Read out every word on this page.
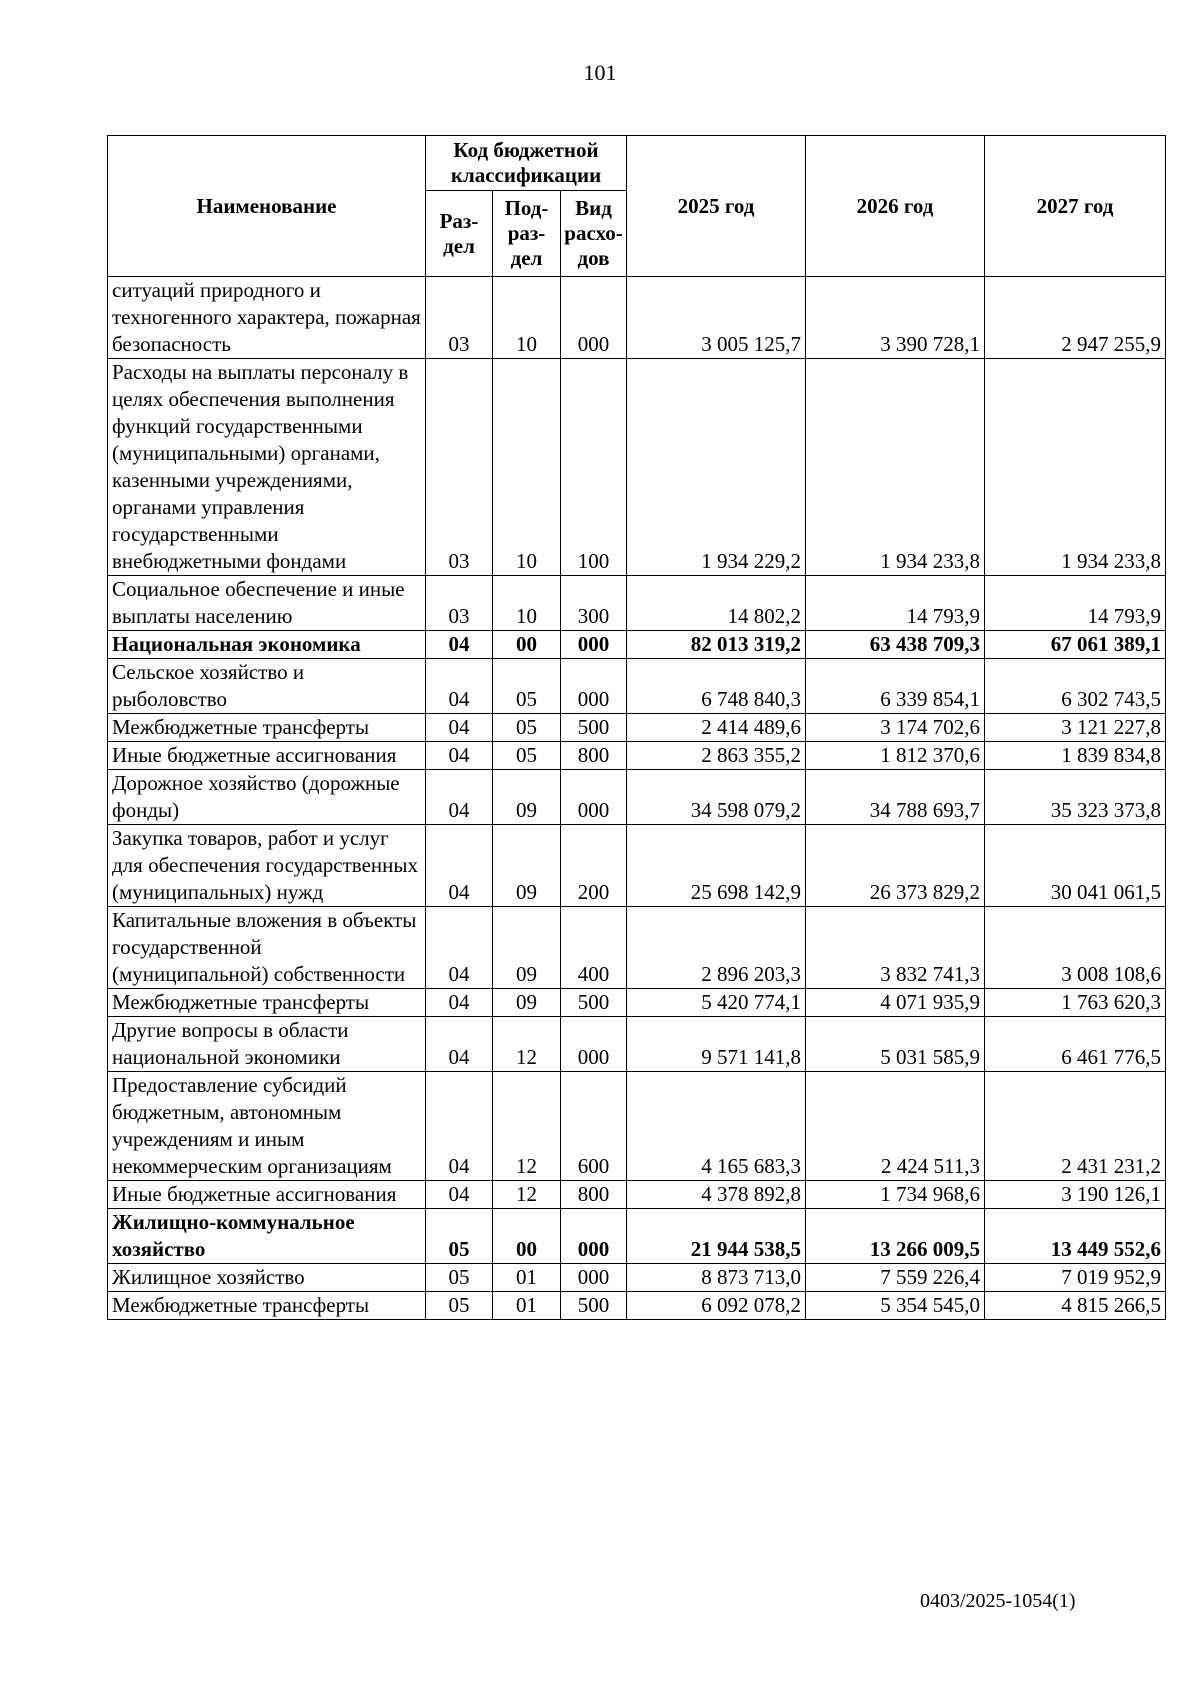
101
Наименование	Код бюджетной классификации			2025 год	2026 год	2027 год
	Раз-дел	Под-раз-дел	Вид расхо-дов			
ситуаций природного и техногенного характера, пожарная безопасность	03	10	000	3 005 125,7	3 390 728,1	2 947 255,9
Расходы на выплаты персоналу в целях обеспечения выполнения функций государственными (муниципальными) органами, казенными учреждениями, органами управления государственными внебюджетными фондами	03	10	100	1 934 229,2	1 934 233,8	1 934 233,8
Социальное обеспечение и иные выплаты населению	03	10	300	14 802,2	14 793,9	14 793,9
Национальная экономика	04	00	000	82 013 319,2	63 438 709,3	67 061 389,1
Сельское хозяйство и рыболовство	04	05	000	6 748 840,3	6 339 854,1	6 302 743,5
Межбюджетные трансферты	04	05	500	2 414 489,6	3 174 702,6	3 121 227,8
Иные бюджетные ассигнования	04	05	800	2 863 355,2	1 812 370,6	1 839 834,8
Дорожное хозяйство (дорожные фонды)	04	09	000	34 598 079,2	34 788 693,7	35 323 373,8
Закупка товаров, работ и услуг для обеспечения государственных (муниципальных) нужд	04	09	200	25 698 142,9	26 373 829,2	30 041 061,5
Капитальные вложения в объекты государственной (муниципальной) собственности	04	09	400	2 896 203,3	3 832 741,3	3 008 108,6
Межбюджетные трансферты	04	09	500	5 420 774,1	4 071 935,9	1 763 620,3
Другие вопросы в области национальной экономики	04	12	000	9 571 141,8	5 031 585,9	6 461 776,5
Предоставление субсидий бюджетным, автономным учреждениям и иным некоммерческим организациям	04	12	600	4 165 683,3	2 424 511,3	2 431 231,2
Иные бюджетные ассигнования	04	12	800	4 378 892,8	1 734 968,6	3 190 126,1
Жилищно-коммунальное хозяйство	05	00	000	21 944 538,5	13 266 009,5	13 449 552,6
Жилищное хозяйство	05	01	000	8 873 713,0	7 559 226,4	7 019 952,9
Межбюджетные трансферты	05	01	500	6 092 078,2	5 354 545,0	4 815 266,5
0403/2025-1054(1)
